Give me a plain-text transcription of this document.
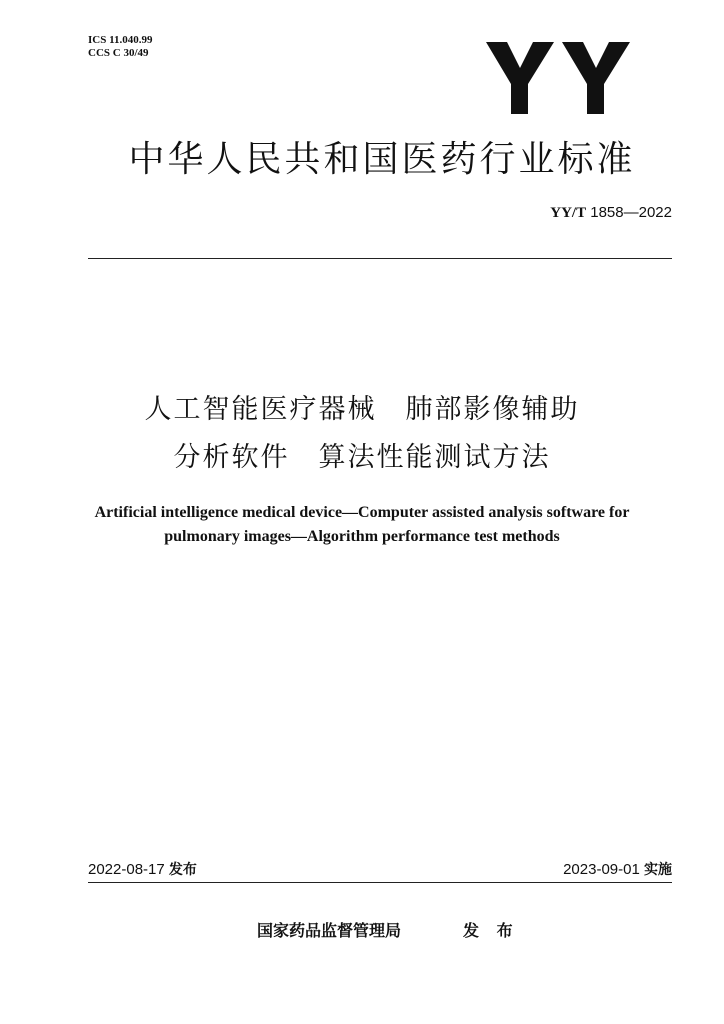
ICS 11.040.99
CCS C 30/49
中华人民共和国医药行业标准
YY/T 1858—2022
人工智能医疗器械　肺部影像辅助
分析软件　算法性能测试方法
Artificial intelligence medical device—Computer assisted analysis software for
pulmonary images—Algorithm performance test methods
2022-08-17 发布	2023-09-01 实施
国家药品监督管理局	发 布
